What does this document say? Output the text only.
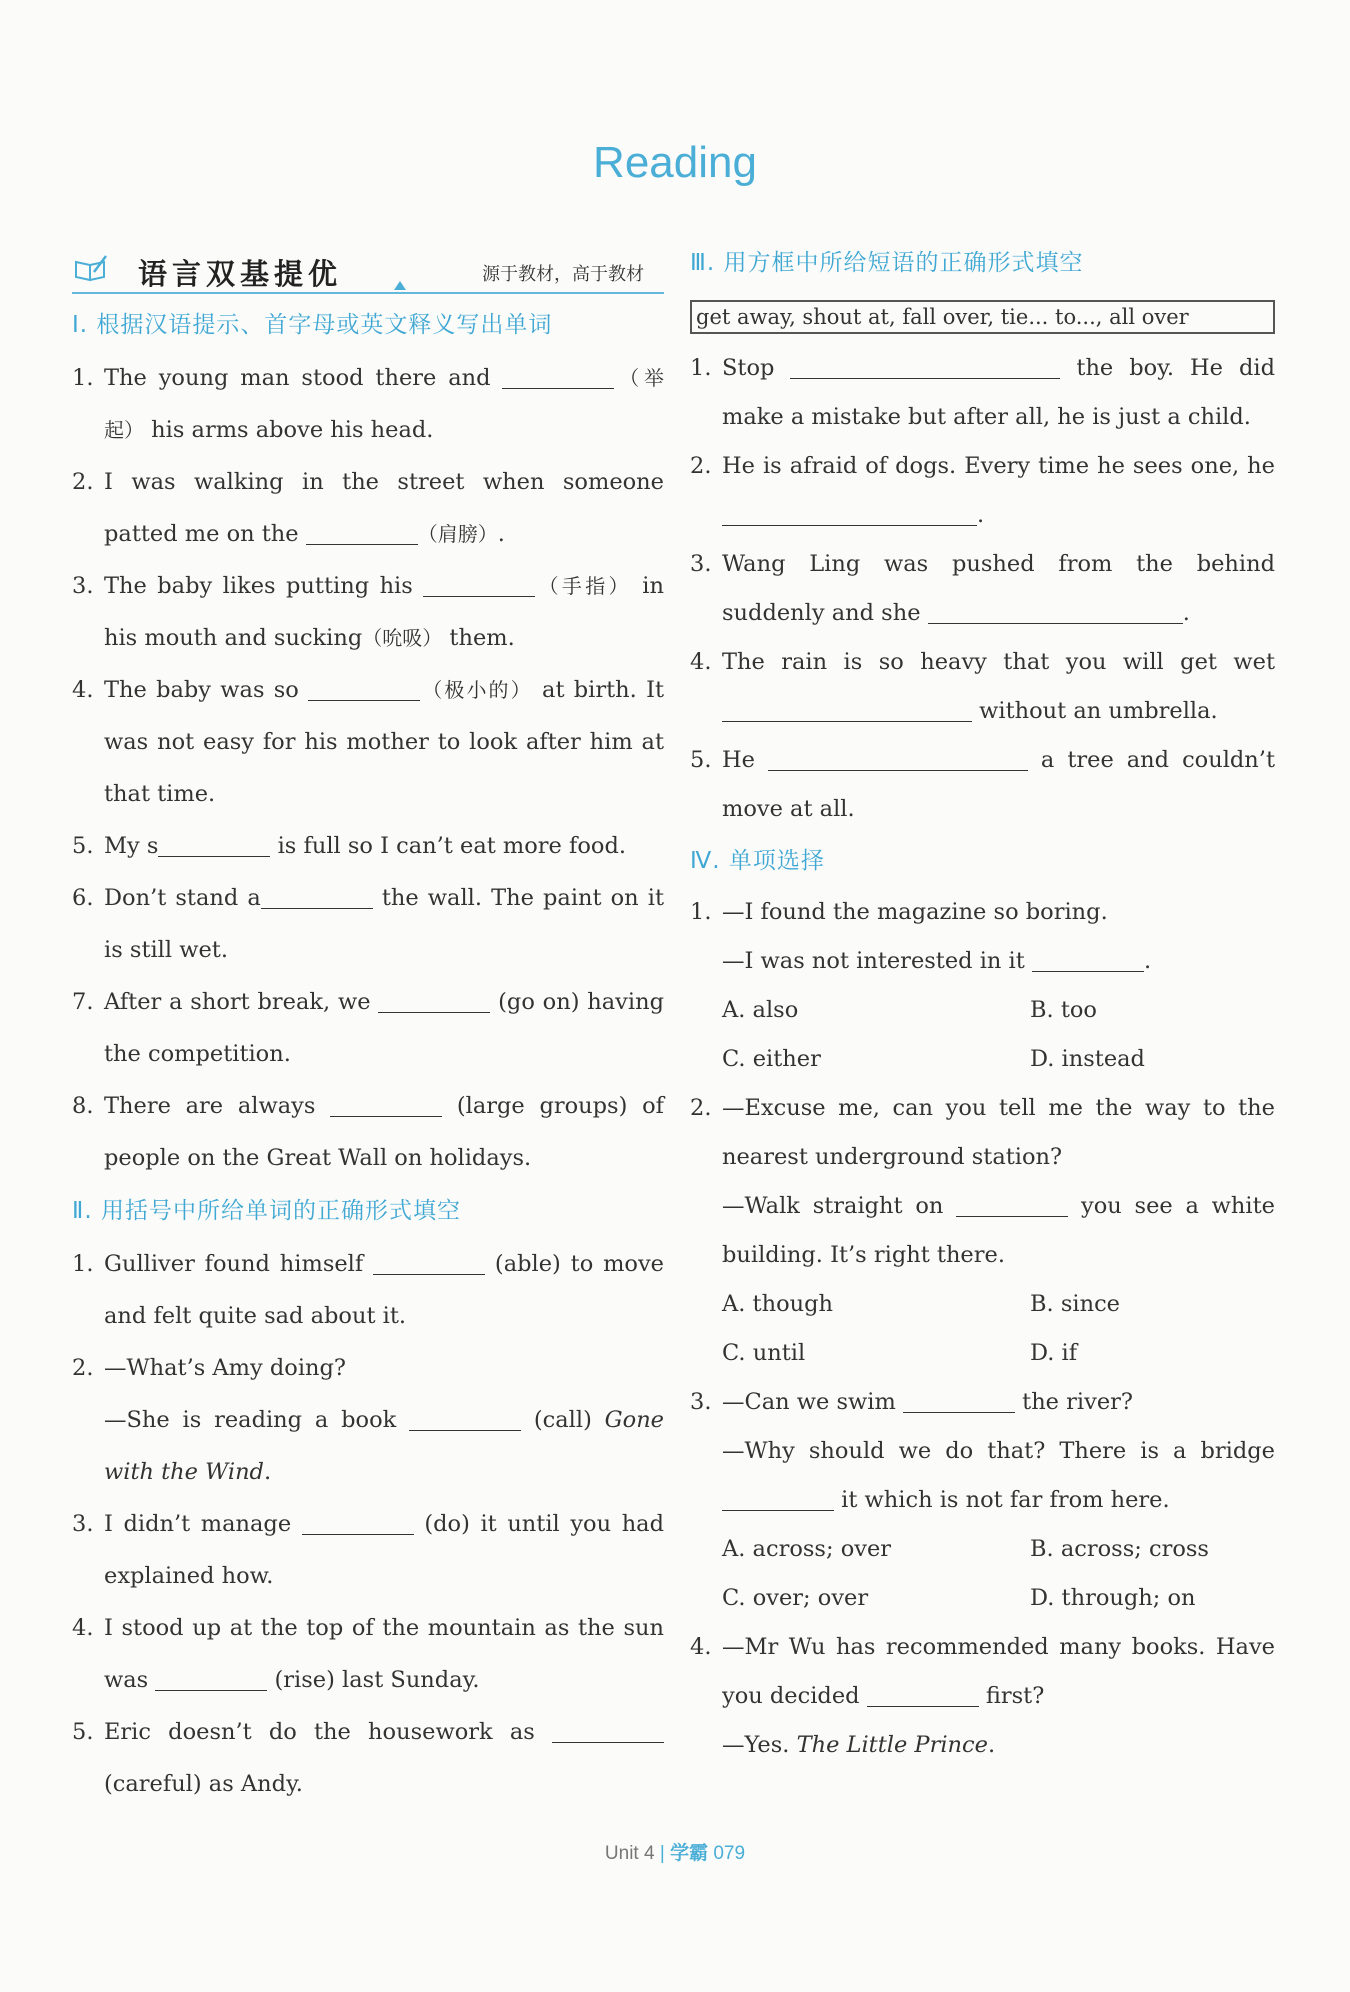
Reading
语言双基提优	源于教材，高于教材
Ⅰ. 根据汉语提示、首字母或英文释义写出单词
1. The young man stood there and	（举起） his arms above his head.
2. I was walking in the street when someone patted me on the	（肩膀）.
3. The baby likes putting his	（手指） in his mouth and sucking（吮吸） them.
4. The baby was so	（极小的） at birth. It was not easy for his mother to look after him at that time.
5. My s	is full so I can’t eat more food.
6. Don’t stand a	the wall. The paint on it is still wet.
7. After a short break, we	(go on) having the competition.
8. There are always	(large groups) of people on the Great Wall on holidays.
Ⅱ. 用括号中所给单词的正确形式填空
1. Gulliver found himself	(able) to move and felt quite sad about it.
2. —What’s Amy doing?
—She is reading a book	(call) Gone with the Wind.
3. I didn’t manage	(do) it until you had explained how.
4. I stood up at the top of the mountain as the sun was	(rise) last Sunday.
5. Eric doesn’t do the housework as  (careful) as Andy.
Ⅲ. 用方框中所给短语的正确形式填空
get away, shout at, fall over, tie... to..., all over
1. Stop	the boy. He did make a mistake but after all, he is just a child.
2. He is afraid of dogs. Every time he sees one, he .
3. Wang Ling was pushed from the behind suddenly and she	.
4. The rain is so heavy that you will get wet  without an umbrella.
5. He	a tree and couldn’t move at all.
Ⅳ. 单项选择
1. —I found the magazine so boring.
—I was not interested in it	.
A. also	B. too
C. either	D. instead
2. —Excuse me, can you tell me the way to the nearest underground station?
—Walk straight on	you see a white building. It’s right there.
A. though	B. since
C. until	D. if
3. —Can we swim	the river?
—Why should we do that? There is a bridge  it which is not far from here.
A. across; over	B. across; cross
C. over; over	D. through; on
4. —Mr Wu has recommended many books. Have you decided	first?
—Yes. The Little Prince.
Unit 4 | 学霸 079
